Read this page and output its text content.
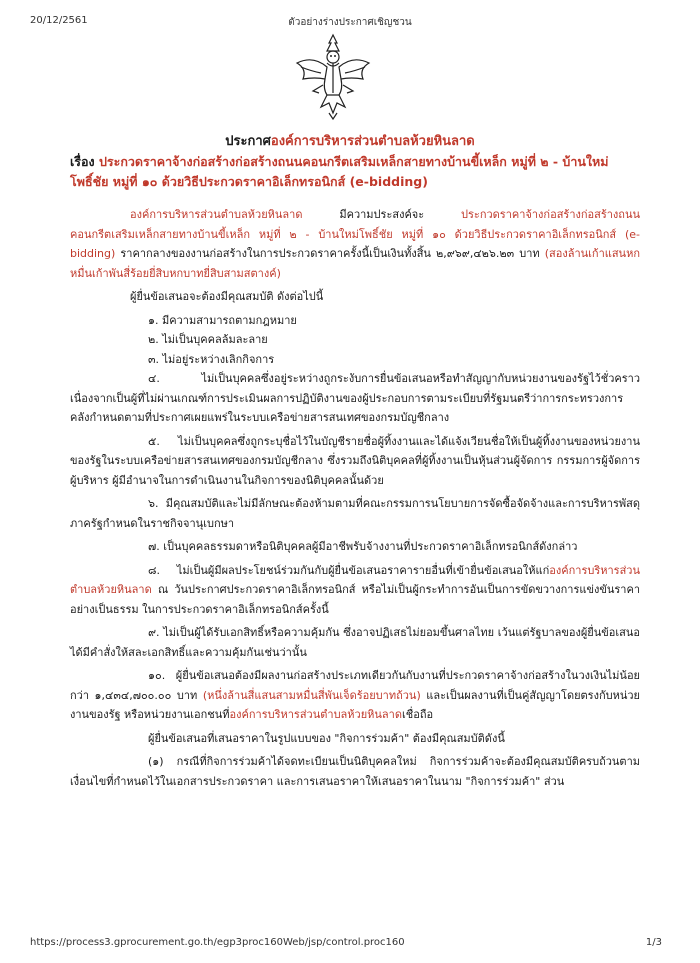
20/12/2561	ตัวอย่างร่างประกาศเชิญชวน
ประกาศองค์การบริหารส่วนตำบลห้วยหินลาด
เรื่อง ประกวดราคาจ้างก่อสร้างก่อสร้างถนนคอนกรีตเสริมเหล็กสายทางบ้านขี้เหล็ก หมู่ที่ ๒ - บ้านใหม่โพธิ์ชัย หมู่ที่ ๑๐ ด้วยวิธีประกวดราคาอิเล็กทรอนิกส์ (e-bidding)

องค์การบริหารส่วนตำบลห้วยหินลาด มีความประสงค์จะ ประกวดราคาจ้างก่อสร้างก่อสร้างถนนคอนกรีตเสริมเหล็กสายทางบ้านขี้เหล็ก หมู่ที่ ๒ - บ้านใหม่โพธิ์ชัย หมู่ที่ ๑๐ ด้วยวิธีประกวดราคาอิเล็กทรอนิกส์ (e-bidding) ราคากลางของงานก่อสร้างในการประกวดราคาครั้งนี้เป็นเงินทั้งสิ้น ๒,๙๖๙,๔๒๖.๒๓ บาท (สองล้านเก้าแสนหกหมื่นเก้าพันสี่ร้อยยี่สิบหกบาทยี่สิบสามสตางค์)

ผู้ยื่นข้อเสนอจะต้องมีคุณสมบัติ ดังต่อไปนี้

๑. มีความสามารถตามกฎหมาย

๒. ไม่เป็นบุคคลล้มละลาย

๓. ไม่อยู่ระหว่างเลิกกิจการ

๔. ไม่เป็นบุคคลซึ่งอยู่ระหว่างถูกระงับการยื่นข้อเสนอหรือทำสัญญากับหน่วยงานของรัฐไว้ชั่วคราว เนื่องจากเป็นผู้ที่ไม่ผ่านเกณฑ์การประเมินผลการปฏิบัติงานของผู้ประกอบการตามระเบียบที่รัฐมนตรีว่าการกระทรวงการคลังกำหนดตามที่ประกาศเผยแพร่ในระบบเครือข่ายสารสนเทศของกรมบัญชีกลาง

๕. ไม่เป็นบุคคลซึ่งถูกระบุชื่อไว้ในบัญชีรายชื่อผู้ทิ้งงานและได้แจ้งเวียนชื่อให้เป็นผู้ทิ้งงานของหน่วยงานของรัฐในระบบเครือข่ายสารสนเทศของกรมบัญชีกลาง ซึ่งรวมถึงนิติบุคคลที่ผู้ทิ้งงานเป็นหุ้นส่วนผู้จัดการ กรรมการผู้จัดการ ผู้บริหาร ผู้มีอำนาจในการดำเนินงานในกิจการของนิติบุคคลนั้นด้วย

๖. มีคุณสมบัติและไม่มีลักษณะต้องห้ามตามที่คณะกรรมการนโยบายการจัดซื้อจัดจ้างและการบริหารพัสดุภาครัฐกำหนดในราชกิจจานุเบกษา

๗. เป็นบุคคลธรรมดาหรือนิติบุคคลผู้มีอาชีพรับจ้างงานที่ประกวดราคาอิเล็กทรอนิกส์ดังกล่าว

๘. ไม่เป็นผู้มีผลประโยชน์ร่วมกันกับผู้ยื่นข้อเสนอราคารายอื่นที่เข้ายื่นข้อเสนอให้แก่องค์การบริหารส่วนตำบลห้วยหินลาด ณ วันประกาศประกวดราคาอิเล็กทรอนิกส์ หรือไม่เป็นผู้กระทำการอันเป็นการขัดขวางการแข่งขันราคาอย่างเป็นธรรม ในการประกวดราคาอิเล็กทรอนิกส์ครั้งนี้

๙. ไม่เป็นผู้ได้รับเอกสิทธิ์หรือความคุ้มกัน ซึ่งอาจปฏิเสธไม่ยอมขึ้นศาลไทย เว้นแต่รัฐบาลของผู้ยื่นข้อเสนอได้มีคำสั่งให้สละเอกสิทธิ์และความคุ้มกันเช่นว่านั้น

๑๐. ผู้ยื่นข้อเสนอต้องมีผลงานก่อสร้างประเภทเดียวกันกับงานที่ประกวดราคาจ้างก่อสร้างในวงเงินไม่น้อยกว่า ๑,๔๓๔,๗๐๐.๐๐ บาท (หนึ่งล้านสี่แสนสามหมื่นสี่พันเจ็ดร้อยบาทถ้วน) และเป็นผลงานที่เป็นคู่สัญญาโดยตรงกับหน่วยงานของรัฐ หรือหน่วยงานเอกชนที่องค์การบริหารส่วนตำบลห้วยหินลาดเชื่อถือ

ผู้ยื่นข้อเสนอที่เสนอราคาในรูปแบบของ "กิจการร่วมค้า" ต้องมีคุณสมบัติดังนี้

(๑) กรณีที่กิจการร่วมค้าได้จดทะเบียนเป็นนิติบุคคลใหม่ กิจการร่วมค้าจะต้องมีคุณสมบัติครบถ้วนตามเงื่อนไขที่กำหนดไว้ในเอกสารประกวดราคา และการเสนอราคาให้เสนอราคาในนาม "กิจการร่วมค้า" ส่วน

https://process3.gprocurement.go.th/egp3proc160Web/jsp/control.proc160	1/3
